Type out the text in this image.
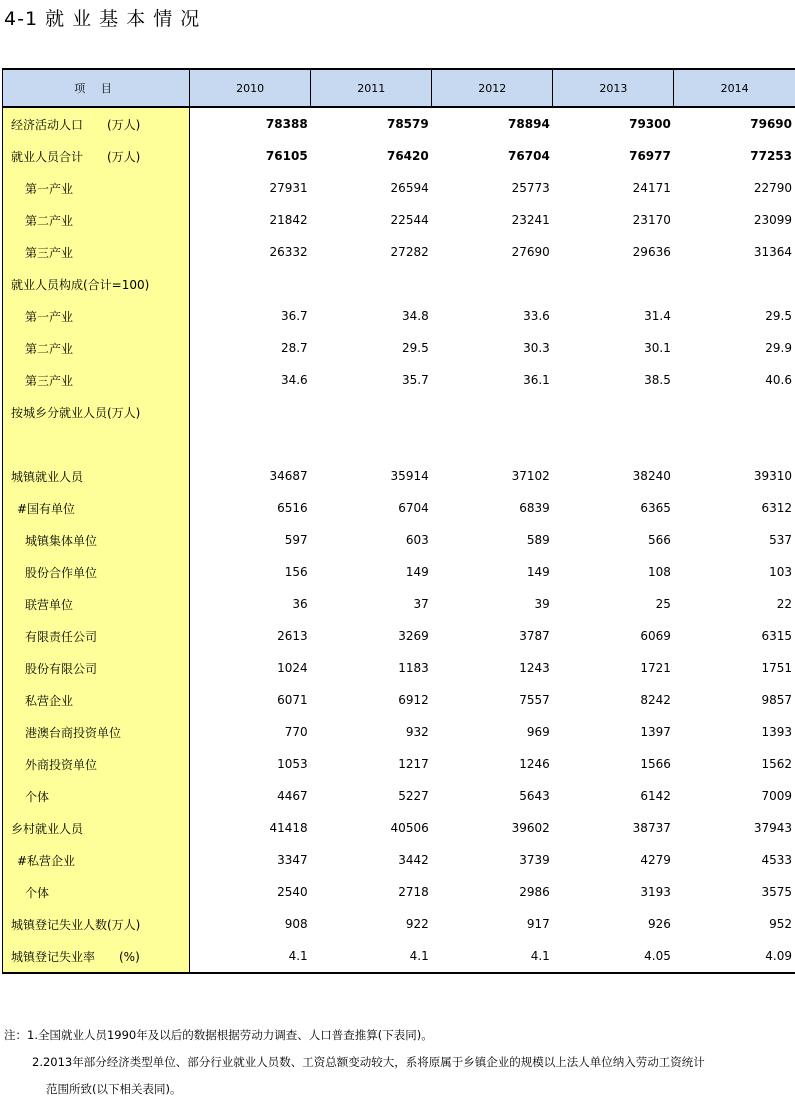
4-1 就 业 基 本 情 况
项 目	2010	2011	2012	2013	2014
经济活动人口　　(万人)	78388	78579	78894	79300	79690
就业人员合计　　(万人)	76105	76420	76704	76977	77253
第一产业	27931	26594	25773	24171	22790
第二产业	21842	22544	23241	23170	23099
第三产业	26332	27282	27690	29636	31364
就业人员构成(合计=100)					
第一产业	36.7	34.8	33.6	31.4	29.5
第二产业	28.7	29.5	30.3	30.1	29.9
第三产业	34.6	35.7	36.1	38.5	40.6
按城乡分就业人员(万人)					

城镇就业人员	34687	35914	37102	38240	39310
#国有单位	6516	6704	6839	6365	6312
城镇集体单位	597	603	589	566	537
股份合作单位	156	149	149	108	103
联营单位	36	37	39	25	22
有限责任公司	2613	3269	3787	6069	6315
股份有限公司	1024	1183	1243	1721	1751
私营企业	6071	6912	7557	8242	9857
港澳台商投资单位	770	932	969	1397	1393
外商投资单位	1053	1217	1246	1566	1562
个体	4467	5227	5643	6142	7009
乡村就业人员	41418	40506	39602	38737	37943
#私营企业	3347	3442	3739	4279	4533
个体	2540	2718	2986	3193	3575
城镇登记失业人数(万人)	908	922	917	926	952
城镇登记失业率　　(%)	4.1	4.1	4.1	4.05	4.09
注：1.全国就业人员1990年及以后的数据根据劳动力调查、人口普查推算(下表同)。
2.2013年部分经济类型单位、部分行业就业人员数、工资总额变动较大，系将原属于乡镇企业的规模以上法人单位纳入劳动工资统计
范围所致(以下相关表同)。
